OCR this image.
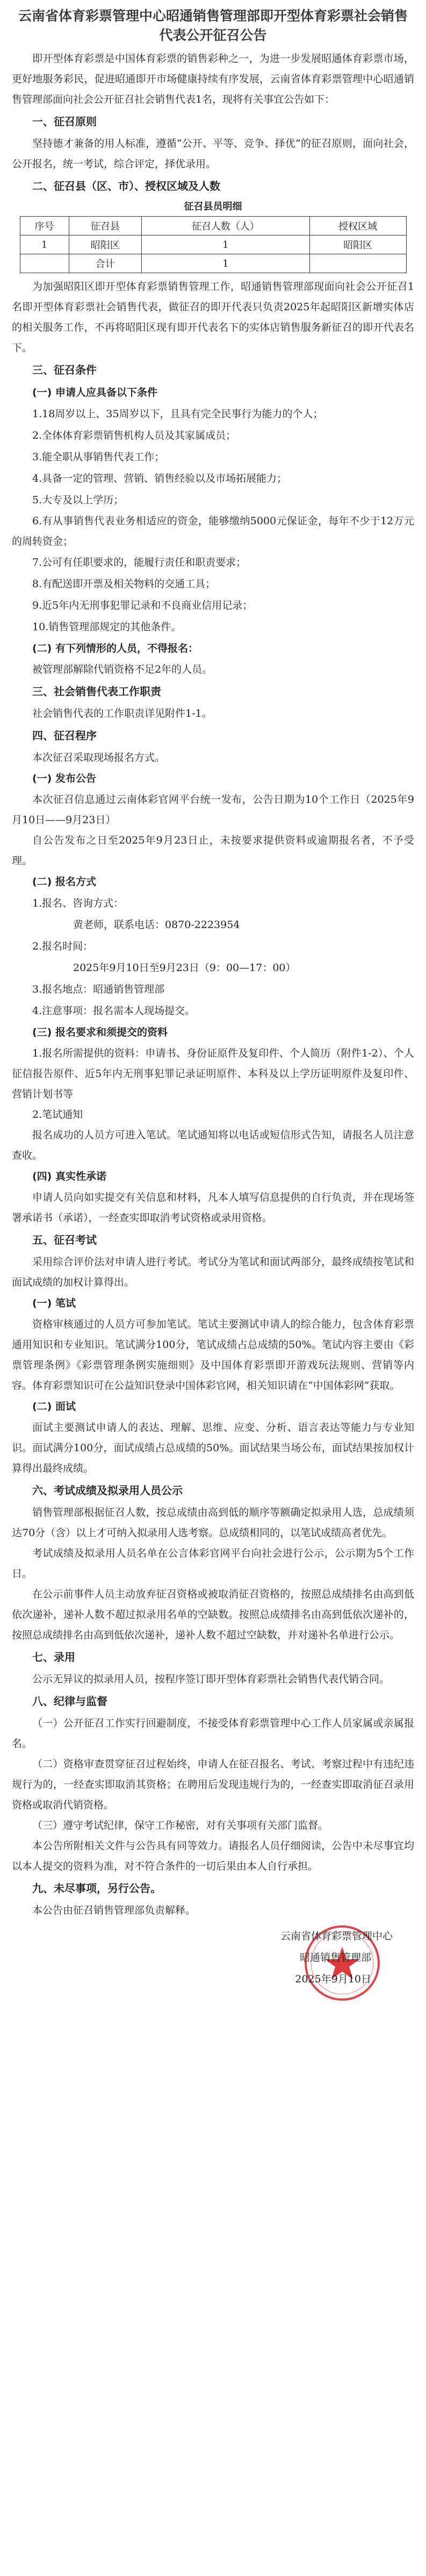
云南省体育彩票管理中心昭通销售管理部即开型体育彩票社会销售代表公开征召公告

即开型体育彩票是中国体育彩票的销售彩种之一，为进一步发展昭通体育彩票市场，更好地服务彩民，促进昭通即开市场健康持续有序发展，云南省体育彩票管理中心昭通销售管理部面向社会公开征召社会销售代表1名，现将有关事宜公告如下：

一、征召原则

坚持德才兼备的用人标准，遵循“公开、平等、竞争、择优”的征召原则，面向社会，公开报名，统一考试，综合评定，择优录用。

二、征召县（区、市）、授权区域及人数
征召县员明细
序号	征召县	征召人数（人）	授权区域
1	昭阳区	1	昭阳区
	合计	1	

为加强昭阳区即开型体育彩票销售管理工作，昭通销售管理部现面向社会公开征召1名即开型体育彩票社会销售代表，做征召的即开代表只负责2025年起昭阳区新增实体店的相关服务工作，不再将昭阳区现有即开代表名下的实体店销售服务新征召的即开代表名下。

三、征召条件
(一) 申请人应具备以下条件
1.18周岁以上、35周岁以下，且具有完全民事行为能力的个人；
2.全体体育彩票销售机构人员及其家属成员；
3.能全职从事销售代表工作；
4.具备一定的管理、营销、销售经验以及市场拓展能力；
5.大专及以上学历；

6.有从事销售代表业务相适应的资金，能够缴纳5000元保证金，每年不少于12万元的周转资金；

7.公可有任职要求的，能履行责任和职责要求；
8.有配送即开票及相关物料的交通工具；
9.近5年内无刑事犯罪记录和不良商业信用记录；
10.销售管理部规定的其他条件。
(二) 有下列情形的人员，不得报名：

被管理部解除代销资格不足2年的人员。

三、社会销售代表工作职责

社会销售代表的工作职责详见附件1-1。

四、征召程序

本次征召采取现场报名方式。

(一) 发布公告

本次征召信息通过云南体彩官网平台统一发布，公告日期为10个工作日（2025年9月10日——9月23日）

自公告发布之日至2025年9月23日止，未按要求提供资料或逾期报名者，不予受理。

(二) 报名方式
1.报名、咨询方式：
黄老师，联系电话：0870-2223954
2.报名时间：
2025年9月10日至9月23日（9：00—17：00）
3.报名地点：昭通销售管理部
4.注意事项：报名需本人现场提交。
(三) 报名要求和须提交的资料

1.报名所需提供的资料：申请书、身份证原件及复印件、个人简历（附件1-2）、个人征信报告原件、近5年内无刑事犯罪记录证明原件、本科及以上学历证明原件及复印件、营销计划书等

2.笔试通知

报名成功的人员方可进入笔试。笔试通知将以电话或短信形式告知，请报名人员注意查收。

(四) 真实性承诺

申请人员向如实提交有关信息和材料，凡本人填写信息提供的自行负责，并在现场签署承诺书（承诺），一经查实即取消考试资格或录用资格。

五、征召考试

采用综合评价法对申请人进行考试。考试分为笔试和面试两部分，最终成绩按笔试和面试成绩的加权计算得出。

(一) 笔试

资格审核通过的人员方可参加笔试。笔试主要测试申请人的综合能力，包含体育彩票通用知识和专业知识。笔试满分100分，笔试成绩占总成绩的50%。笔试内容主要由《彩票管理条例》《彩票管理条例实施细则》及中国体育彩票即开游戏玩法规则、营销等内容。体育彩票知识可在公益知识登录中国体彩官网，相关知识请在“中国体彩网”获取。

(二) 面试

面试主要测试申请人的表达、理解、思维、应变、分析、语言表达等能力与专业知识。面试满分100分，面试成绩占总成绩的50%。面试结果当场公布，面试结果按加权计算得出最终成绩。

六、考试成绩及拟录用人员公示

销售管理部根据征召人数，按总成绩由高到低的顺序等额确定拟录用人选，总成绩须达70分（含）以上才可纳入拟录用人选考察。总成绩相同的，以笔试成绩高者优先。

考试成绩及拟录用人员名单在公言体彩官网平台向社会进行公示，公示期为5个工作日。

在公示前事件人员主动放弃征召资格或被取消征召资格的，按照总成绩排名由高到低依次递补，递补人数不超过拟录用名单的空缺数。按照总成绩排名由高到低依次递补的，按照总成绩排名由高到低依次递补，递补人数不超过空缺数，并对递补名单进行公示。

七、录用

公示无异议的拟录用人员，按程序签订即开型体育彩票社会销售代表代销合同。

八、纪律与监督

（一）公开征召工作实行回避制度，不接受体育彩票管理中心工作人员家属或亲属报名。

（二）资格审查贯穿征召过程始终，申请人在征召报名、考试、考察过程中有违纪违规行为的，一经查实即取消其资格；在聘用后发现违规行为的，一经查实即取消征召录用资格或取消代销资格。

（三）遵守考试纪律，保守工作秘密，对有关事项有关部门监督。

本公告所附相关文件与公告具有同等效力。请报名人员仔细阅读，公告中未尽事宜均以本人提交的资料为准，对不符合条件的一切后果由本人自行承担。

九、未尽事项，另行公告。

本公告由征召销售管理部负责解释。

云南省体育彩票管理中心
昭通销售管理部
2025年9月10日
